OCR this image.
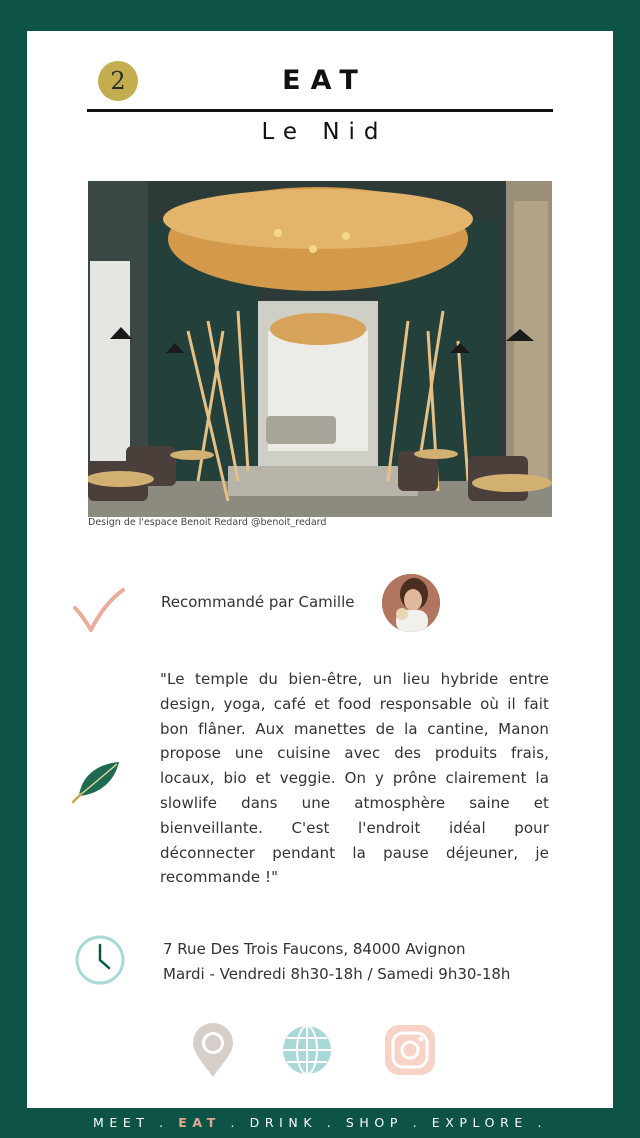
2	EAT
Le Nid
Design de l'espace Benoit Redard @benoit_redard
Recommandé par Camille
"Le temple du bien-être, un lieu hybride entre design, yoga, café et food responsable où il fait bon flâner. Aux manettes de la cantine, Manon propose une cuisine avec des produits frais, locaux, bio et veggie. On y prône clairement la slowlife dans une atmosphère saine et bienveillante. C'est l'endroit idéal pour déconnecter pendant la pause déjeuner, je recommande !"
7 Rue Des Trois Faucons, 84000 Avignon
Mardi - Vendredi 8h30-18h / Samedi 9h30-18h
MEET . EAT . DRINK . SHOP . EXPLORE .
